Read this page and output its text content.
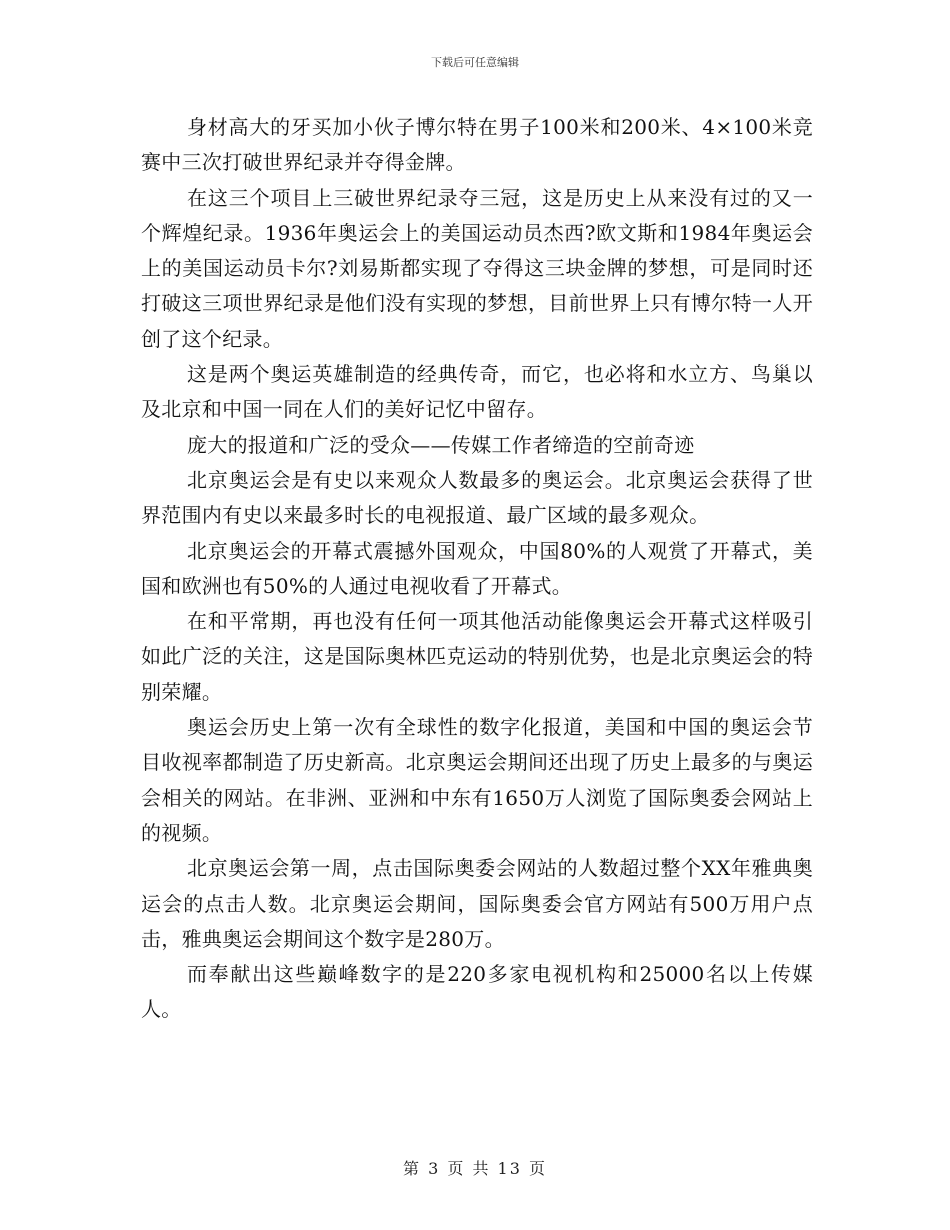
下载后可任意编辑

身材高大的牙买加小伙子博尔特在男子100米和200米、4×100米竞赛中三次打破世界纪录并夺得金牌。

在这三个项目上三破世界纪录夺三冠，这是历史上从来没有过的又一个辉煌纪录。1936年奥运会上的美国运动员杰西?欧文斯和1984年奥运会上的美国运动员卡尔?刘易斯都实现了夺得这三块金牌的梦想，可是同时还打破这三项世界纪录是他们没有实现的梦想，目前世界上只有博尔特一人开创了这个纪录。

这是两个奥运英雄制造的经典传奇，而它，也必将和水立方、鸟巢以及北京和中国一同在人们的美好记忆中留存。

庞大的报道和广泛的受众——传媒工作者缔造的空前奇迹

北京奥运会是有史以来观众人数最多的奥运会。北京奥运会获得了世界范围内有史以来最多时长的电视报道、最广区域的最多观众。

北京奥运会的开幕式震撼外国观众，中国80%的人观赏了开幕式，美国和欧洲也有50%的人通过电视收看了开幕式。

在和平常期，再也没有任何一项其他活动能像奥运会开幕式这样吸引如此广泛的关注，这是国际奥林匹克运动的特别优势，也是北京奥运会的特别荣耀。

奥运会历史上第一次有全球性的数字化报道，美国和中国的奥运会节目收视率都制造了历史新高。北京奥运会期间还出现了历史上最多的与奥运会相关的网站。在非洲、亚洲和中东有1650万人浏览了国际奥委会网站上的视频。

北京奥运会第一周，点击国际奥委会网站的人数超过整个XX年雅典奥运会的点击人数。北京奥运会期间，国际奥委会官方网站有500万用户点击，雅典奥运会期间这个数字是280万。

而奉献出这些巅峰数字的是220多家电视机构和25000名以上传媒人。

第 3 页 共 13 页
